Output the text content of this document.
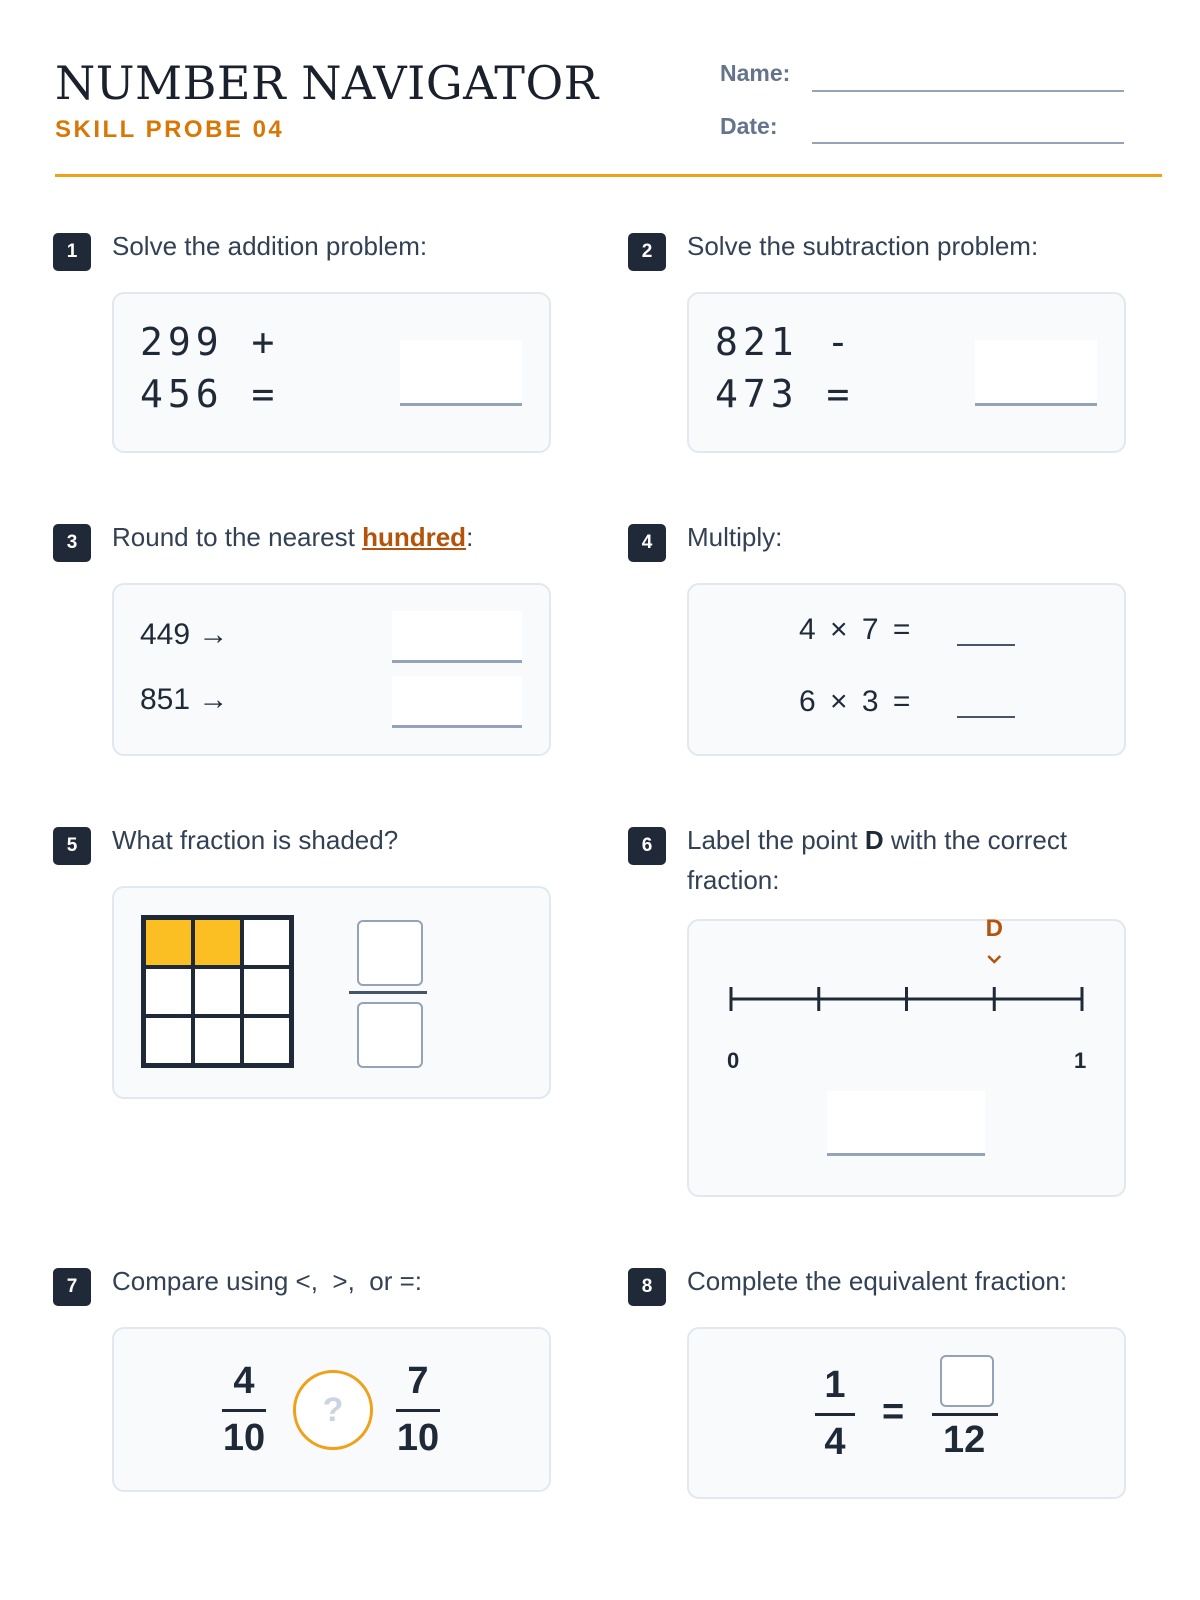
NUMBER NAVIGATOR
SKILL PROBE 04
Name:
Date:
1	Solve the addition problem:
299 +
456 =
2	Solve the subtraction problem:
821 -
473 =
3	Round to the nearest hundred:
449 →
851 →
4	Multiply:
4 × 7 =
6 × 3 =
5	What fraction is shaded?	6	Label the point D with the correct fraction:
D
0	1
7	Compare using <,  >,  or =:
4
10
?
7
10
8	Complete the equivalent fraction:
1
4
=
12
